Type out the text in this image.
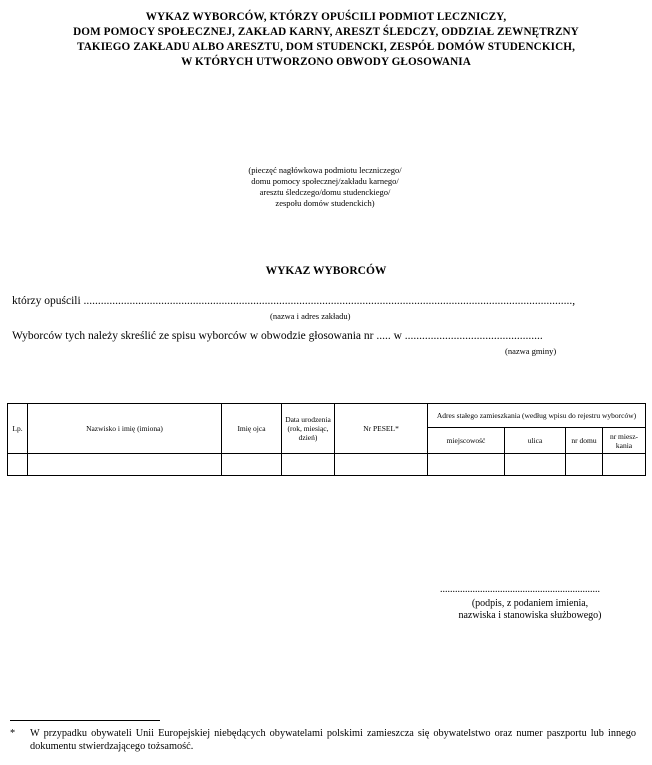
WYKAZ WYBORCÓW, KTÓRZY OPUŚCILI PODMIOT LECZNICZY,
DOM POMOCY SPOŁECZNEJ, ZAKŁAD KARNY, ARESZT ŚLEDCZY, ODDZIAŁ ZEWNĘTRZNY
TAKIEGO ZAKŁADU ALBO ARESZTU, DOM STUDENCKI, ZESPÓŁ DOMÓW STUDENCKICH,
W KTÓRYCH UTWORZONO OBWODY GŁOSOWANIA
(pieczęć nagłówkowa podmiotu leczniczego/
domu pomocy społecznej/zakładu karnego/
aresztu śledczego/domu studenckiego/
zespołu domów studenckich)
WYKAZ WYBORCÓW
którzy opuścili ..........................................................................................................................................................................,
(nazwa i adres zakładu)
Wyborców tych należy skreślić ze spisu wyborców w obwodzie głosowania nr ..... w ................................................
(nazwa gminy)
Lp.	Nazwisko i imię (imiona)	Imię ojca	Data urodzenia (rok, miesiąc, dzień)	Nr PESEL*	Adres stałego zamieszkania (według wpisu do rejestru wyborców)			
					miejscowość	ulica	nr domu	nr miesz-kania

................................................................
(podpis, z podaniem imienia,
nazwiska i stanowiska służbowego)
* W przypadku obywateli Unii Europejskiej niebędących obywatelami polskimi zamieszcza się obywatelstwo oraz numer paszportu lub innego dokumentu stwierdzającego tożsamość.
